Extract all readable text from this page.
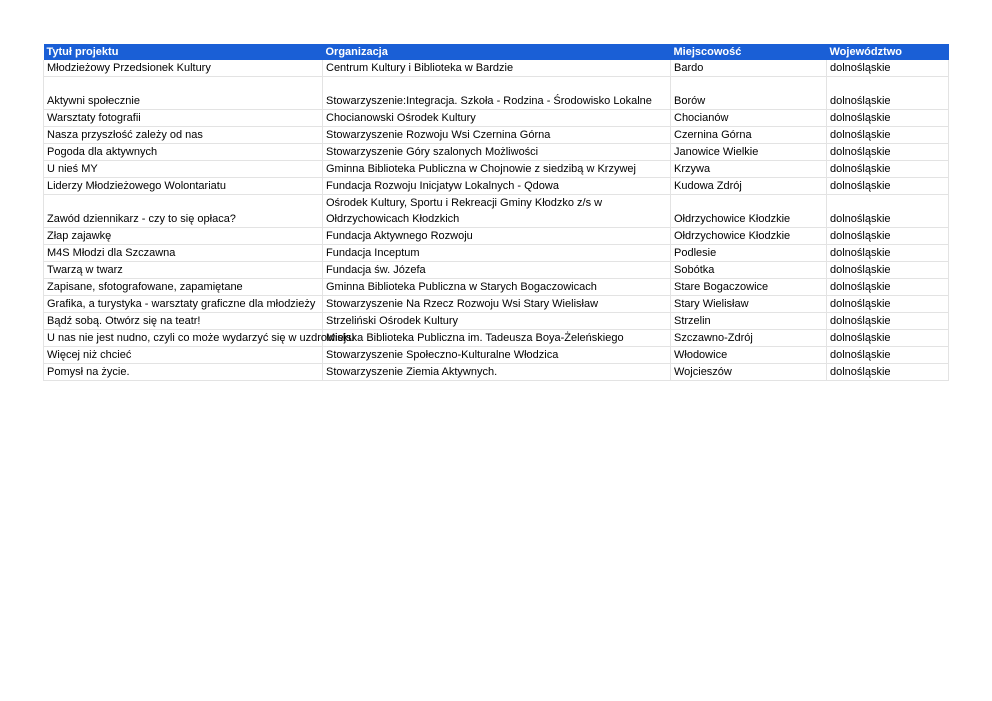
Tytuł projektu	Organizacja	Miejscowość	Województwo
Młodzieżowy Przedsionek Kultury	Centrum Kultury i Biblioteka w Bardzie	Bardo	dolnośląskie
Aktywni społecznie	Stowarzyszenie:Integracja. Szkoła - Rodzina - Środowisko Lokalne	Borów	dolnośląskie
Warsztaty fotografii	Chocianowski Ośrodek Kultury	Chocianów	dolnośląskie
Nasza przyszłość zależy od nas	Stowarzyszenie Rozwoju Wsi Czernina Górna	Czernina Górna	dolnośląskie
Pogoda dla aktywnych	Stowarzyszenie Góry szalonych Możliwości	Janowice Wielkie	dolnośląskie
U nieś MY	Gminna Biblioteka Publiczna w Chojnowie z siedzibą w Krzywej	Krzywa	dolnośląskie
Liderzy Młodzieżowego Wolontariatu	Fundacja Rozwoju Inicjatyw Lokalnych - Qdowa	Kudowa Zdrój	dolnośląskie
Zawód dziennikarz - czy to się opłaca?	Ośrodek Kultury, Sportu i Rekreacji Gminy Kłodzko z/s w Ołdrzychowicach Kłodzkich	Ołdrzychowice Kłodzkie	dolnośląskie
Złap zajawkę	Fundacja Aktywnego Rozwoju	Ołdrzychowice Kłodzkie	dolnośląskie
M4S Młodzi dla Szczawna	Fundacja Inceptum	Podlesie	dolnośląskie
Twarzą w twarz	Fundacja św. Józefa	Sobótka	dolnośląskie
Zapisane, sfotografowane, zapamiętane	Gminna Biblioteka Publiczna w Starych Bogaczowicach	Stare Bogaczowice	dolnośląskie
Grafika, a turystyka - warsztaty graficzne dla młodzieży	Stowarzyszenie Na Rzecz Rozwoju Wsi Stary Wielisław	Stary Wielisław	dolnośląskie
Bądź sobą. Otwórz się na teatr!	Strzeliński Ośrodek Kultury	Strzelin	dolnośląskie
U nas nie jest nudno, czyli co może wydarzyć się w uzdrowisku	Miejska Biblioteka Publiczna im. Tadeusza Boya-Żeleńskiego	Szczawno-Zdrój	dolnośląskie
Więcej niż chcieć	Stowarzyszenie Społeczno-Kulturalne Włodzica	Włodowice	dolnośląskie
Pomysł na życie.	Stowarzyszenie Ziemia Aktywnych.	Wojcieszów	dolnośląskie
